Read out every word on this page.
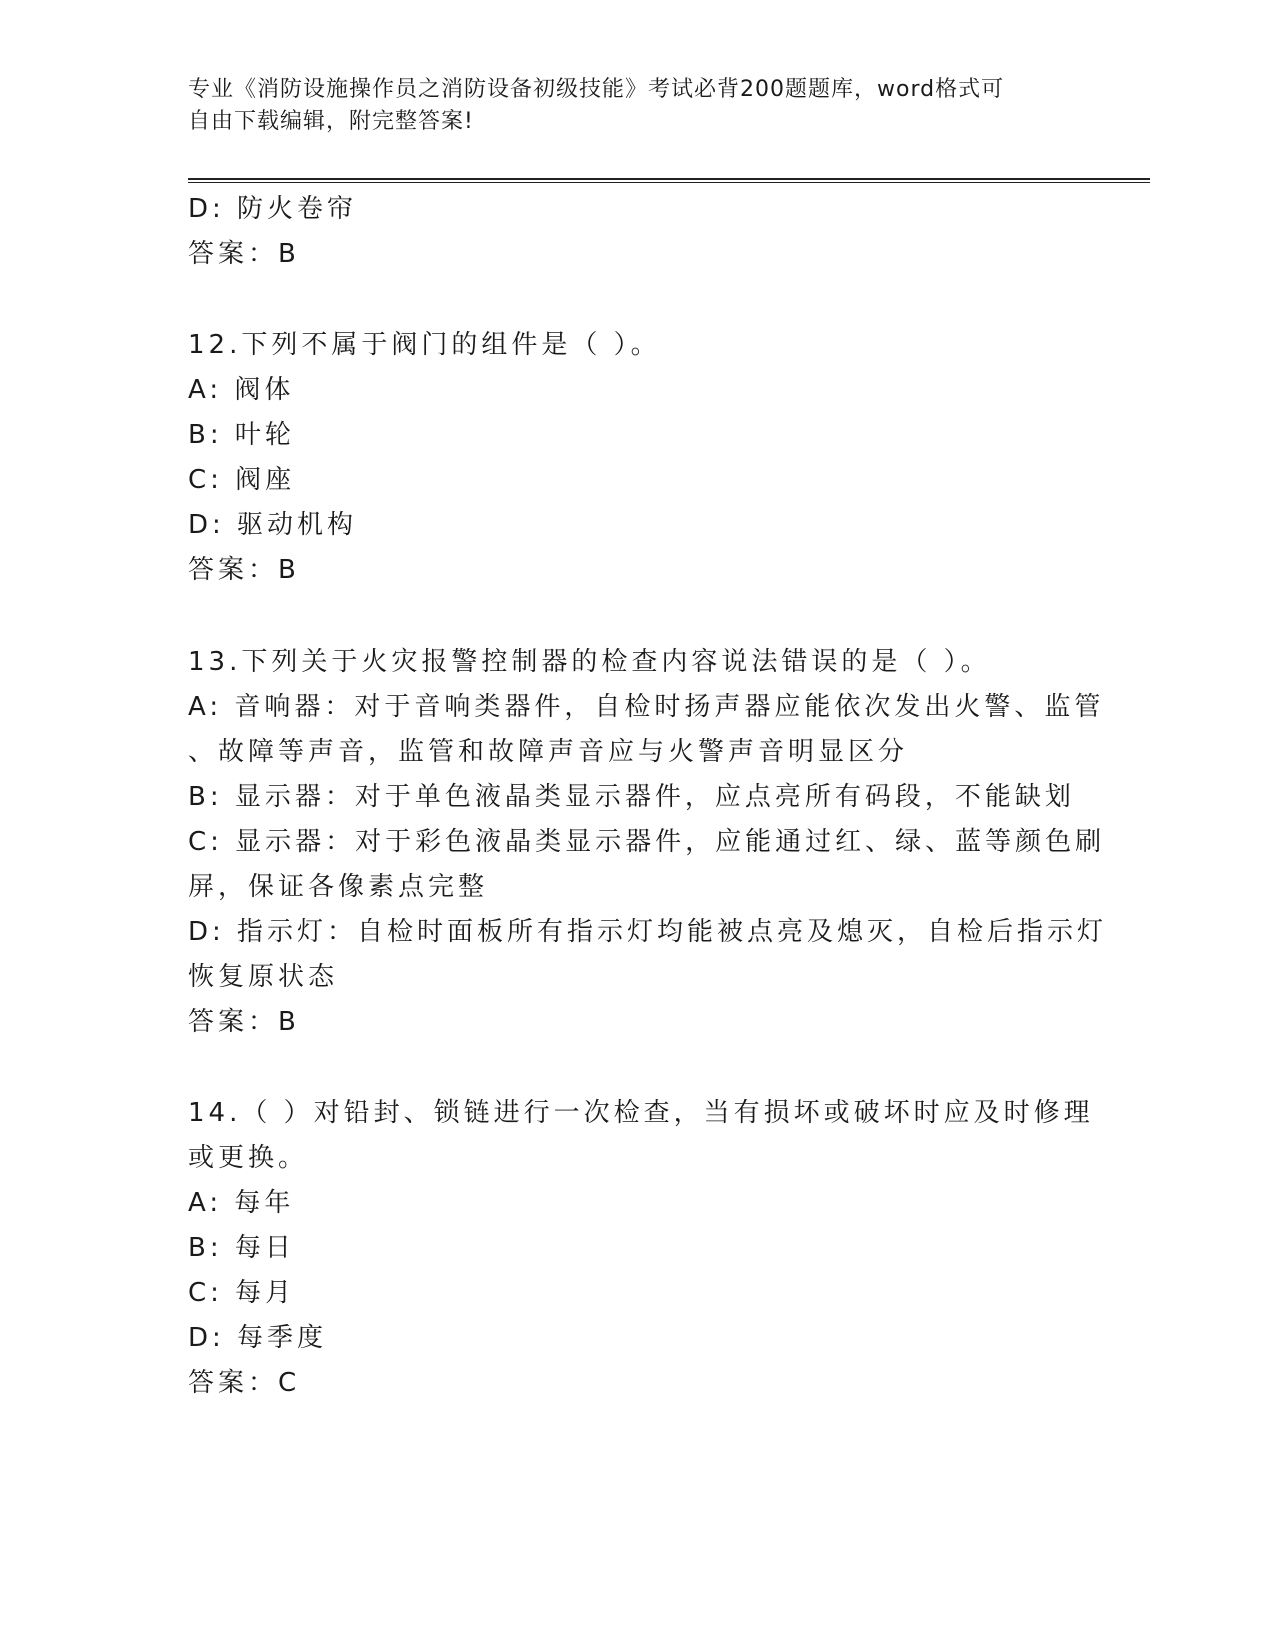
专业《消防设施操作员之消防设备初级技能》考试必背200题题库，word格式可
自由下载编辑，附完整答案!
D: 防火卷帘
答案：B
12.下列不属于阀门的组件是（ ）。
A: 阀体
B: 叶轮
C: 阀座
D: 驱动机构
答案：B
13.下列关于火灾报警控制器的检查内容说法错误的是（ ）。
A: 音响器：对于音响类器件，自检时扬声器应能依次发出火警、监管
、故障等声音，监管和故障声音应与火警声音明显区分
B: 显示器：对于单色液晶类显示器件，应点亮所有码段，不能缺划
C: 显示器：对于彩色液晶类显示器件，应能通过红、绿、蓝等颜色刷
屏，保证各像素点完整
D: 指示灯：自检时面板所有指示灯均能被点亮及熄灭，自检后指示灯
恢复原状态
答案：B
14.（ ）对铅封、锁链进行一次检查，当有损坏或破坏时应及时修理
或更换。
A: 每年
B: 每日
C: 每月
D: 每季度
答案：C
